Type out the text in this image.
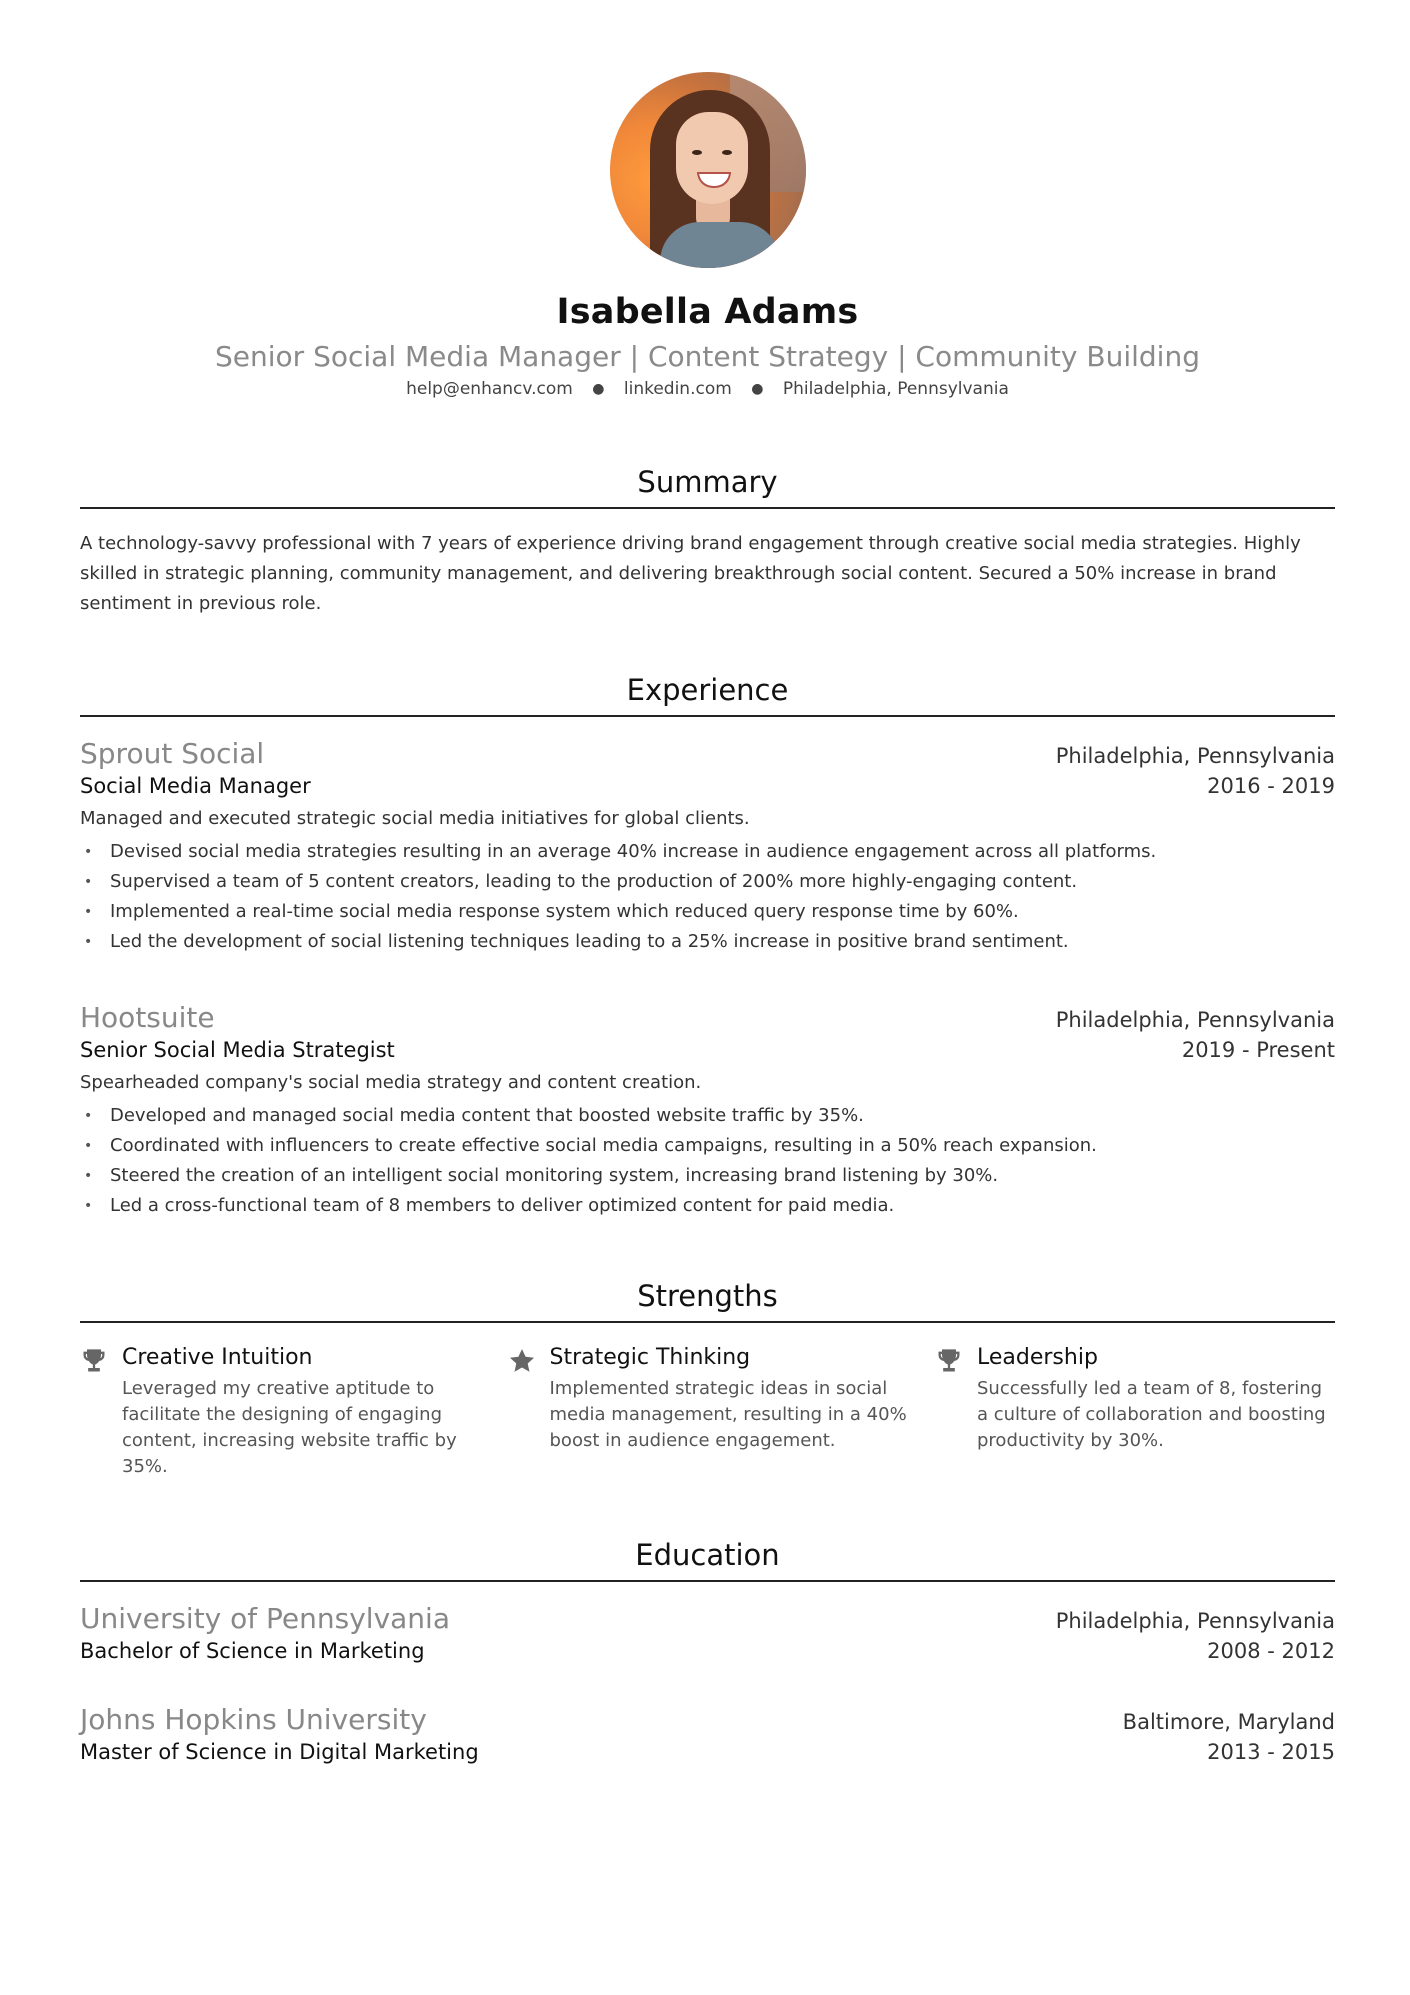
Isabella Adams
Senior Social Media Manager | Content Strategy | Community Building
help@enhancv.com ● linkedin.com ● Philadelphia, Pennsylvania
Summary
A technology-savvy professional with 7 years of experience driving brand engagement through creative social media strategies. Highly skilled in strategic planning, community management, and delivering breakthrough social content. Secured a 50% increase in brand sentiment in previous role.
Experience
Sprout Social	Philadelphia, Pennsylvania
Social Media Manager	2016 - 2019
Managed and executed strategic social media initiatives for global clients.
• Devised social media strategies resulting in an average 40% increase in audience engagement across all platforms.
• Supervised a team of 5 content creators, leading to the production of 200% more highly-engaging content.
• Implemented a real-time social media response system which reduced query response time by 60%.
• Led the development of social listening techniques leading to a 25% increase in positive brand sentiment.
Hootsuite	Philadelphia, Pennsylvania
Senior Social Media Strategist	2019 - Present
Spearheaded company's social media strategy and content creation.
• Developed and managed social media content that boosted website traffic by 35%.
• Coordinated with influencers to create effective social media campaigns, resulting in a 50% reach expansion.
• Steered the creation of an intelligent social monitoring system, increasing brand listening by 30%.
• Led a cross-functional team of 8 members to deliver optimized content for paid media.
Strengths
Creative Intuition
Leveraged my creative aptitude to facilitate the designing of engaging content, increasing website traffic by 35%.
Strategic Thinking
Implemented strategic ideas in social media management, resulting in a 40% boost in audience engagement.
Leadership
Successfully led a team of 8, fostering a culture of collaboration and boosting productivity by 30%.
Education
University of Pennsylvania	Philadelphia, Pennsylvania
Bachelor of Science in Marketing	2008 - 2012
Johns Hopkins University	Baltimore, Maryland
Master of Science in Digital Marketing	2013 - 2015
